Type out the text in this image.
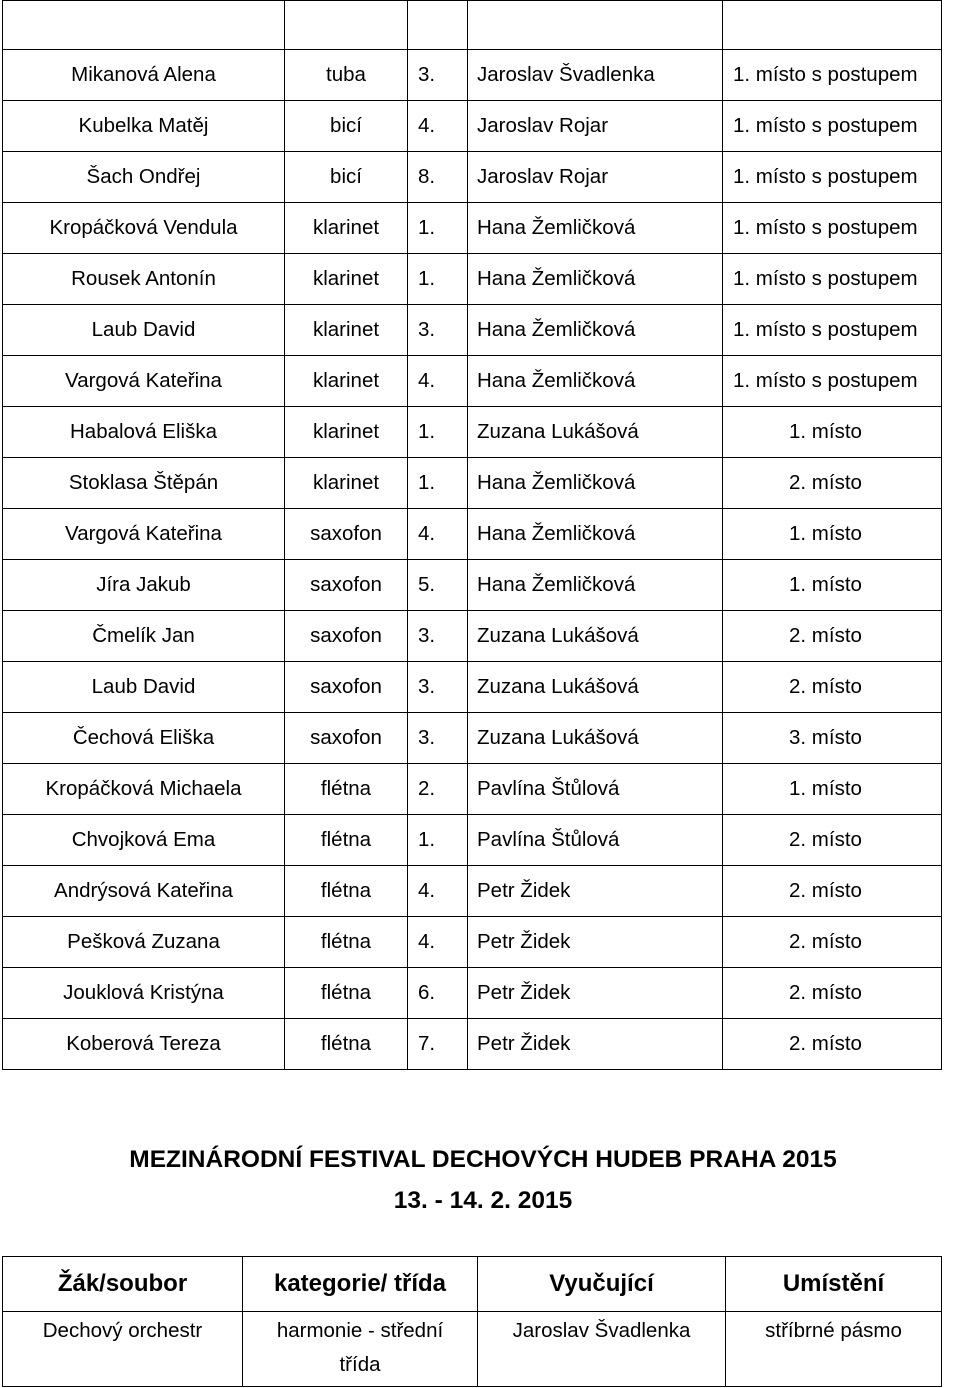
Mikanová Alena	tuba	3.	Jaroslav Švadlenka	1. místo s postupem
Kubelka Matěj	bicí	4.	Jaroslav Rojar	1. místo s postupem
Šach Ondřej	bicí	8.	Jaroslav Rojar	1. místo s postupem
Kropáčková Vendula	klarinet	1.	Hana Žemličková	1. místo s postupem
Rousek Antonín	klarinet	1.	Hana Žemličková	1. místo s postupem
Laub David	klarinet	3.	Hana Žemličková	1. místo s postupem
Vargová Kateřina	klarinet	4.	Hana Žemličková	1. místo s postupem
Habalová Eliška	klarinet	1.	Zuzana Lukášová	1. místo
Stoklasa Štěpán	klarinet	1.	Hana Žemličková	2. místo
Vargová Kateřina	saxofon	4.	Hana Žemličková	1. místo
Jíra Jakub	saxofon	5.	Hana Žemličková	1. místo
Čmelík Jan	saxofon	3.	Zuzana Lukášová	2. místo
Laub David	saxofon	3.	Zuzana Lukášová	2. místo
Čechová Eliška	saxofon	3.	Zuzana Lukášová	3. místo
Kropáčková Michaela	flétna	2.	Pavlína Štůlová	1. místo
Chvojková Ema	flétna	1.	Pavlína Štůlová	2. místo
Andrýsová Kateřina	flétna	4.	Petr Židek	2. místo
Pešková Zuzana	flétna	4.	Petr Židek	2. místo
Jouklová Kristýna	flétna	6.	Petr Židek	2. místo
Koberová Tereza	flétna	7.	Petr Židek	2. místo
MEZINÁRODNÍ FESTIVAL DECHOVÝCH HUDEB PRAHA 2015
13. - 14. 2. 2015
Žák/soubor	kategorie/ třída	Vyučující	Umístění
Dechový orchestr	harmonie - střední třída	Jaroslav Švadlenka	stříbrné pásmo
